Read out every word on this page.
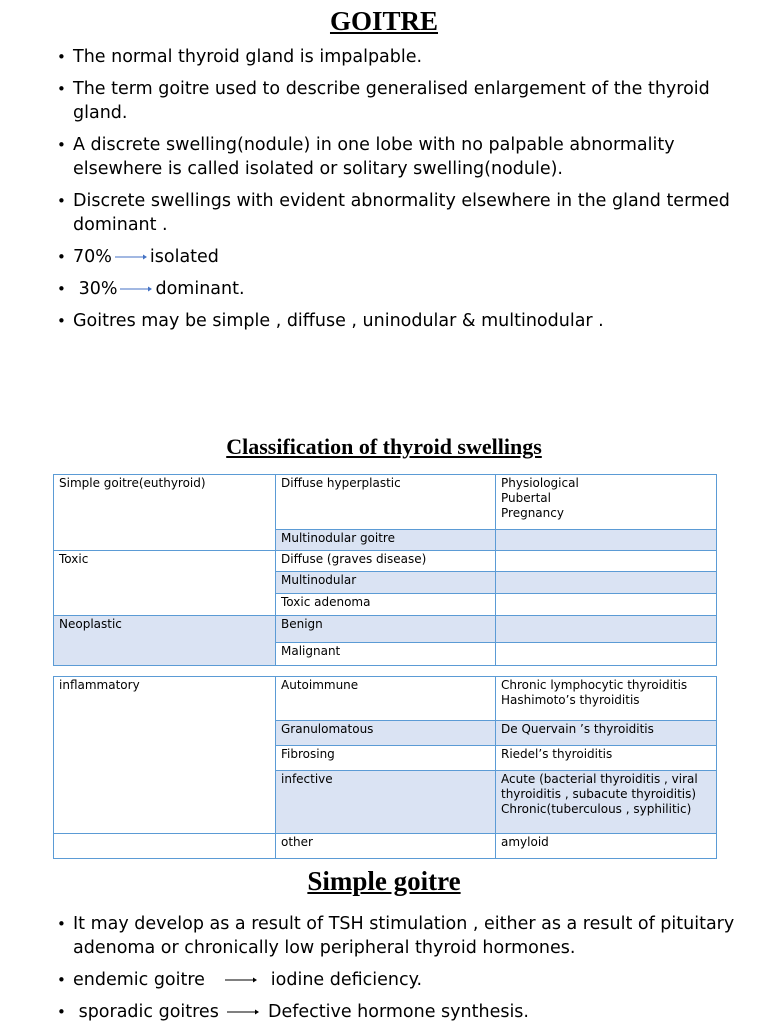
GOITRE
• The normal thyroid gland is impalpable.
• The term goitre used to describe generalised enlargement of the thyroid gland.
• A discrete swelling(nodule) in one lobe with no palpable abnormality elsewhere is called isolated or solitary swelling(nodule).
• Discrete swellings with evident abnormality elsewhere in the gland termed dominant .
• 70% isolated
• 30% dominant.
• Goitres may be simple , diffuse , uninodular & multinodular .
Classification of thyroid swellings
Simple goitre(euthyroid)	Diffuse hyperplastic	Physiological
Pubertal
Pregnancy

	Multinodular goitre	
Toxic	Diffuse (graves disease)	
	Multinodular	
	Toxic adenoma	
Neoplastic	Benign	
	Malignant	
inflammatory	Autoimmune	Chronic lymphocytic thyroiditis
Hashimoto’s thyroiditis

	Granulomatous	De Quervain ’s thyroiditis
	Fibrosing	Riedel’s thyroiditis
	infective	Acute (bacterial thyroiditis , viral
thyroiditis , subacute thyroiditis)
Chronic(tuberculous , syphilitic)

	other	amyloid
Simple goitre
• It may develop as a result of TSH stimulation , either as a result of pituitary adenoma or chronically low peripheral thyroid hormones.
• endemic goitre	iodine deficiency.
• sporadic goitres	Defective hormone synthesis.
